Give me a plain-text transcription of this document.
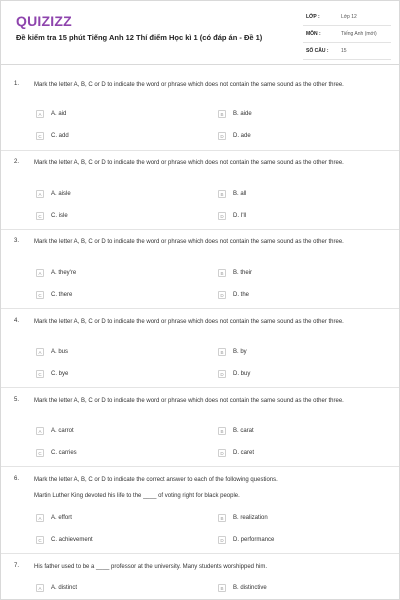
QUIZIZZ
Đề kiểm tra 15 phút Tiếng Anh 12 Thí điểm Học kì 1 (có đáp án - Đề 1)
LỚP :	Lớp 12
MÔN :	Tiếng Anh (mới)
SỐ CÂU :	15
1. Mark the letter A, B, C or D to indicate the word or phrase which does not contain the same sound as the other three.
A	A. aid	B	B. aide
C	C. add	D	D. ade
2. Mark the letter A, B, C or D to indicate the word or phrase which does not contain the same sound as the other three.
A	A. aisle	B	B. all
C	C. isle	D	D. I'll
3. Mark the letter A, B, C or D to indicate the word or phrase which does not contain the same sound as the other three.
A	A. they're	B	B. their
C	C. there	D	D. the
4. Mark the letter A, B, C or D to indicate the word or phrase which does not contain the same sound as the other three.
A	A. bus	B	B. by
C	C. bye	D	D. buy
5. Mark the letter A, B, C or D to indicate the word or phrase which does not contain the same sound as the other three.
A	A. carrot	B	B. carat
C	C. carries	D	D. caret
6. Mark the letter A, B, C or D to indicate the correct answer to each of the following questions.
Martin Luther King devoted his life to the ____ of voting right for black people.
A	A. effort	B	B. realization
C	C. achievement	D	D. performance
7. His father used to be a ____ professor at the university. Many students worshipped him.
A	A. distinct	B	B. distinctive
